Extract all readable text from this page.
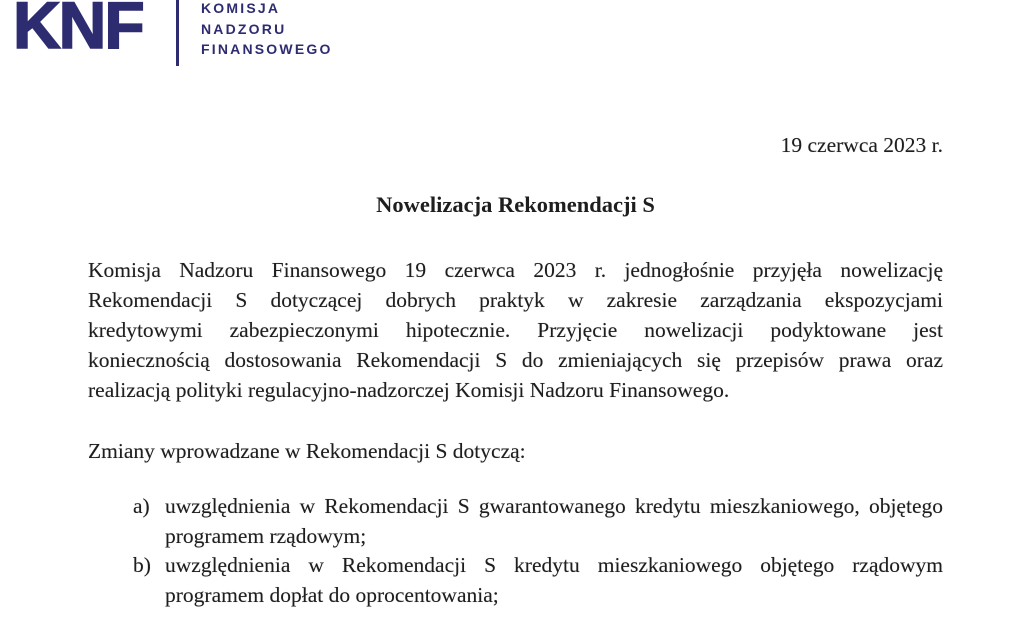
KNF	KOMISJA
NADZORU
FINANSOWEGO
19 czerwca 2023 r.
Nowelizacja Rekomendacji S
Komisja Nadzoru Finansowego 19 czerwca 2023 r. jednogłośnie przyjęła nowelizację
Rekomendacji S dotyczącej dobrych praktyk w zakresie zarządzania ekspozycjami
kredytowymi zabezpieczonymi hipotecznie. Przyjęcie nowelizacji podyktowane jest
koniecznością dostosowania Rekomendacji S do zmieniających się przepisów prawa oraz
realizacją polityki regulacyjno-nadzorczej Komisji Nadzoru Finansowego.
Zmiany wprowadzane w Rekomendacji S dotyczą:
a) uwzględnienia w Rekomendacji S gwarantowanego kredytu mieszkaniowego, objętego
programem rządowym;
b) uwzględnienia w Rekomendacji S kredytu mieszkaniowego objętego rządowym
programem dopłat do oprocentowania;
